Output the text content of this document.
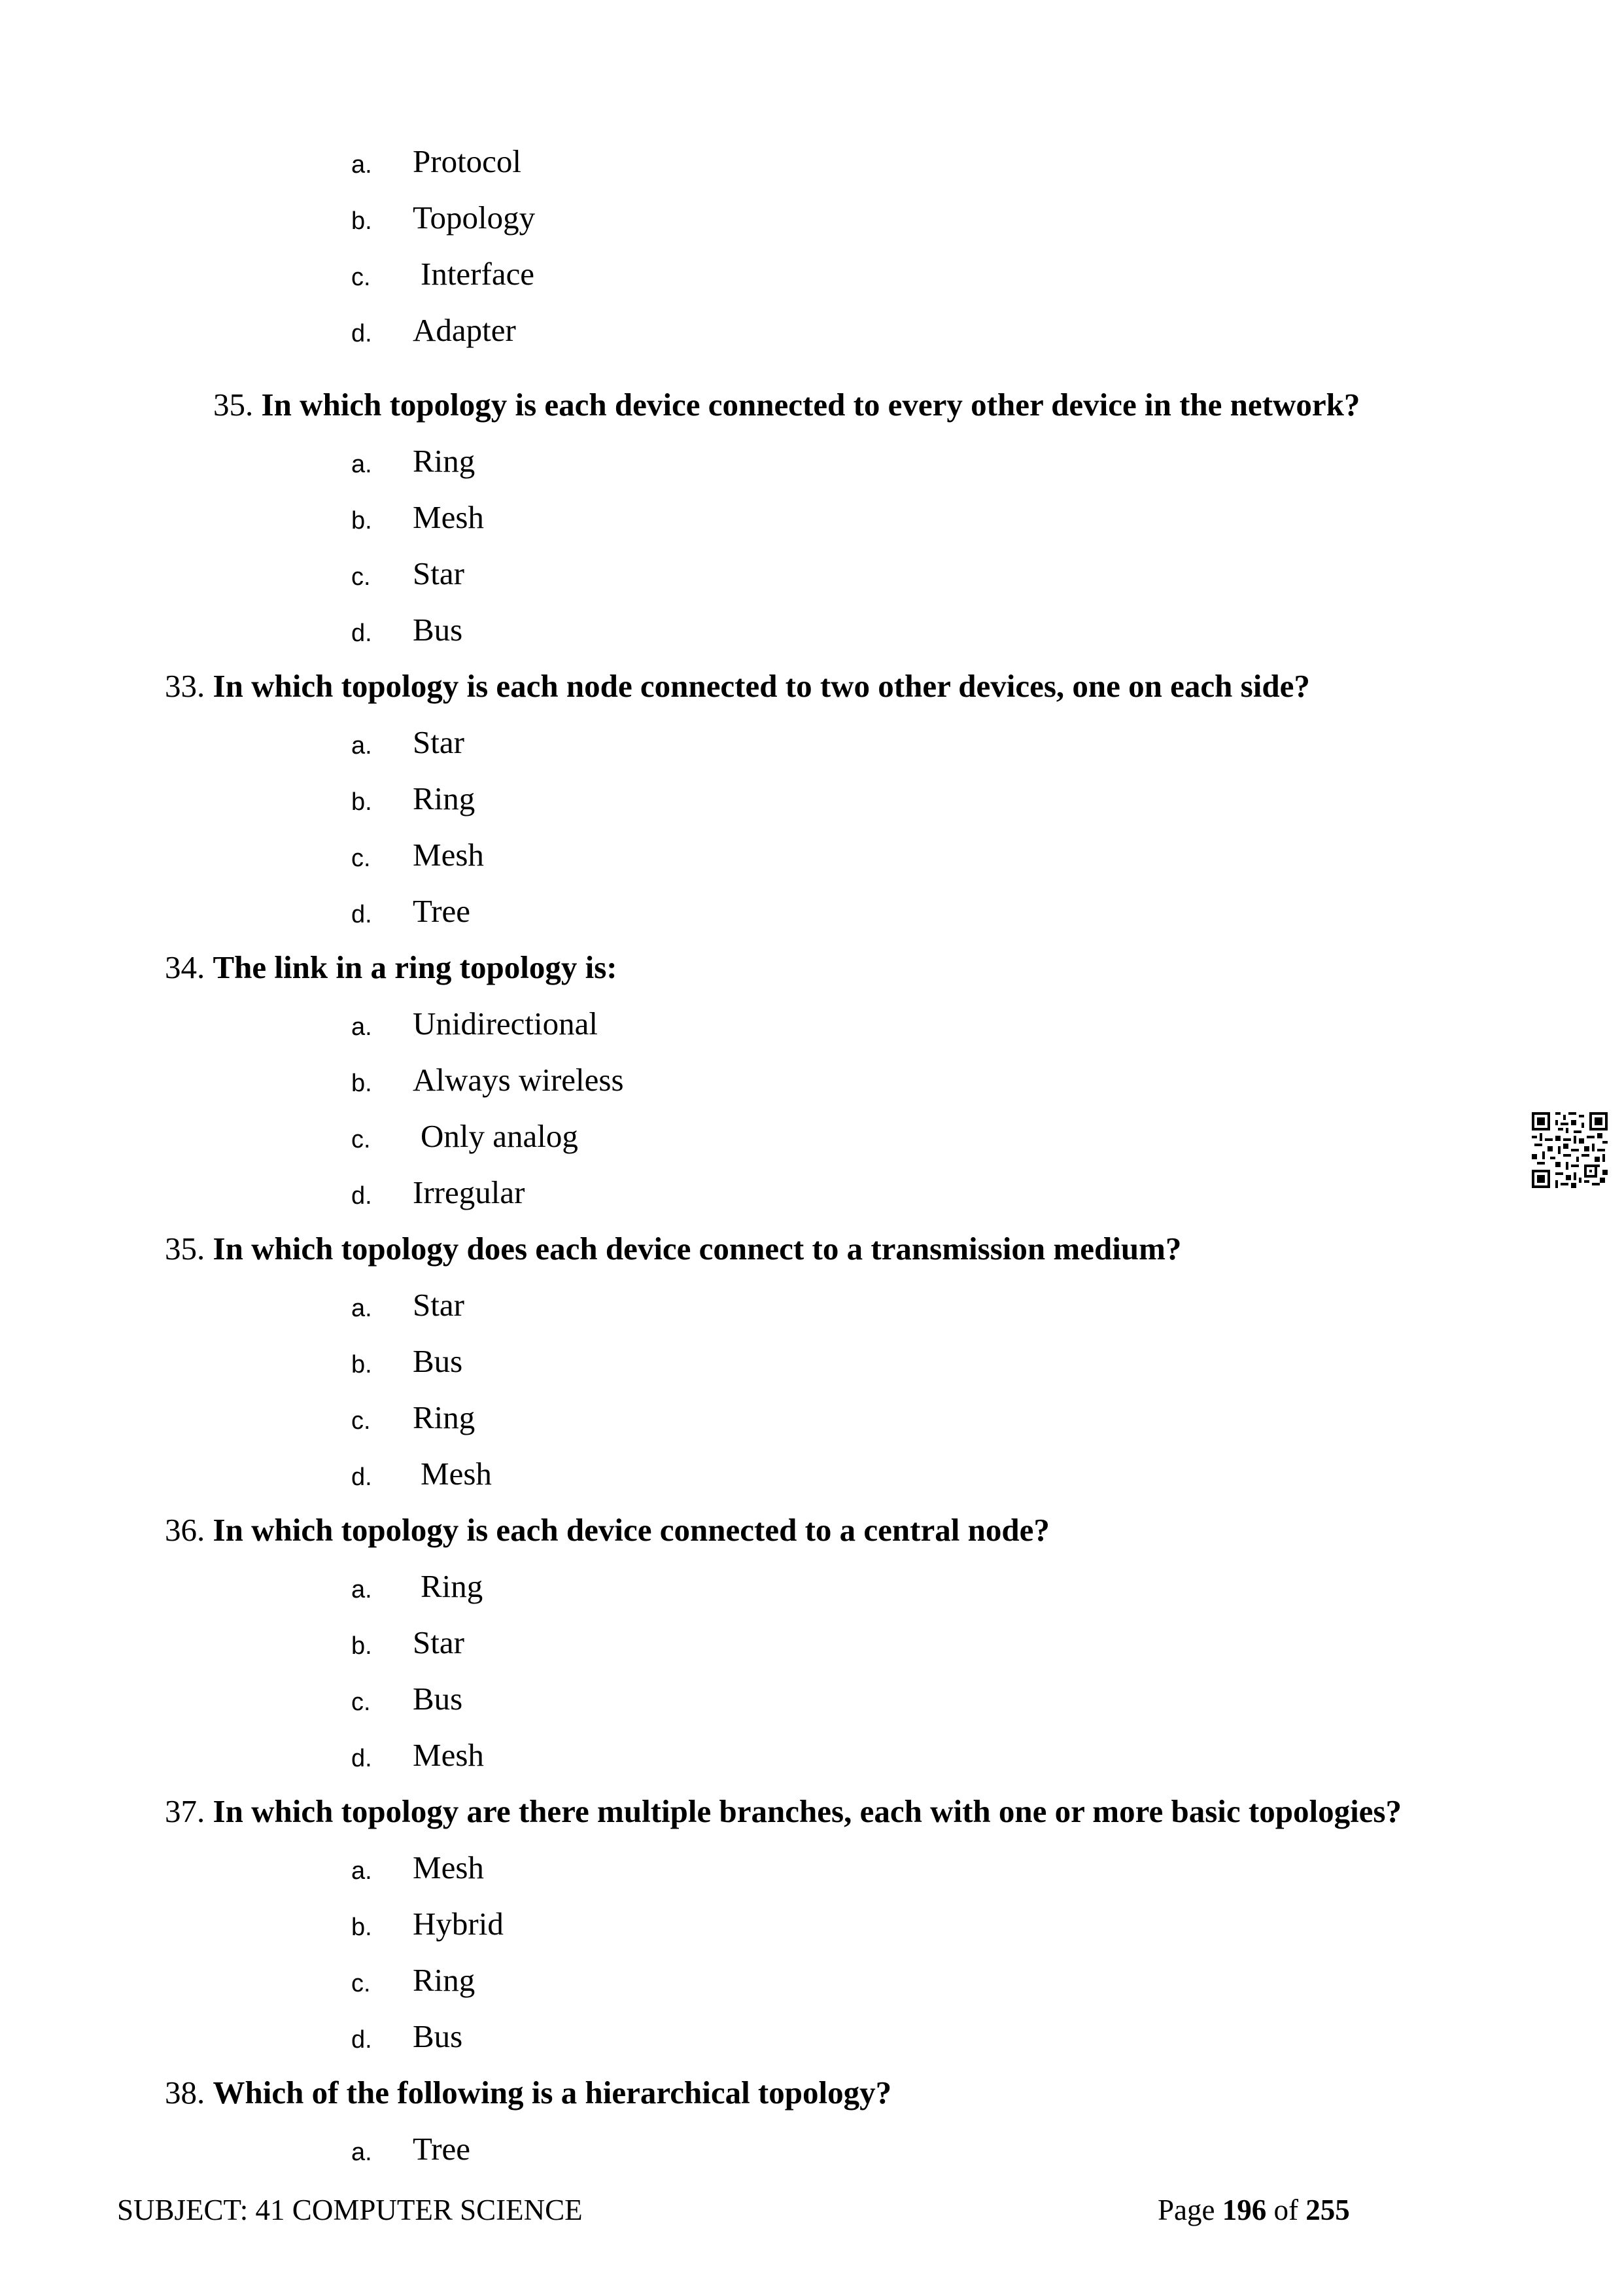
a. Protocol
b. Topology
c. Interface
d. Adapter
35. In which topology is each device connected to every other device in the network?
a. Ring
b. Mesh
c. Star
d. Bus
33. In which topology is each node connected to two other devices, one on each side?
a. Star
b. Ring
c. Mesh
d. Tree
34. The link in a ring topology is:
a. Unidirectional
b. Always wireless
c. Only analog
d. Irregular
35. In which topology does each device connect to a transmission medium?
a. Star
b. Bus
c. Ring
d. Mesh
36. In which topology is each device connected to a central node?
a. Ring
b. Star
c. Bus
d. Mesh
37. In which topology are there multiple branches, each with one or more basic topologies?
a. Mesh
b. Hybrid
c. Ring
d. Bus
38. Which of the following is a hierarchical topology?
a. Tree
SUBJECT: 41 COMPUTER SCIENCE	Page 196 of 255
